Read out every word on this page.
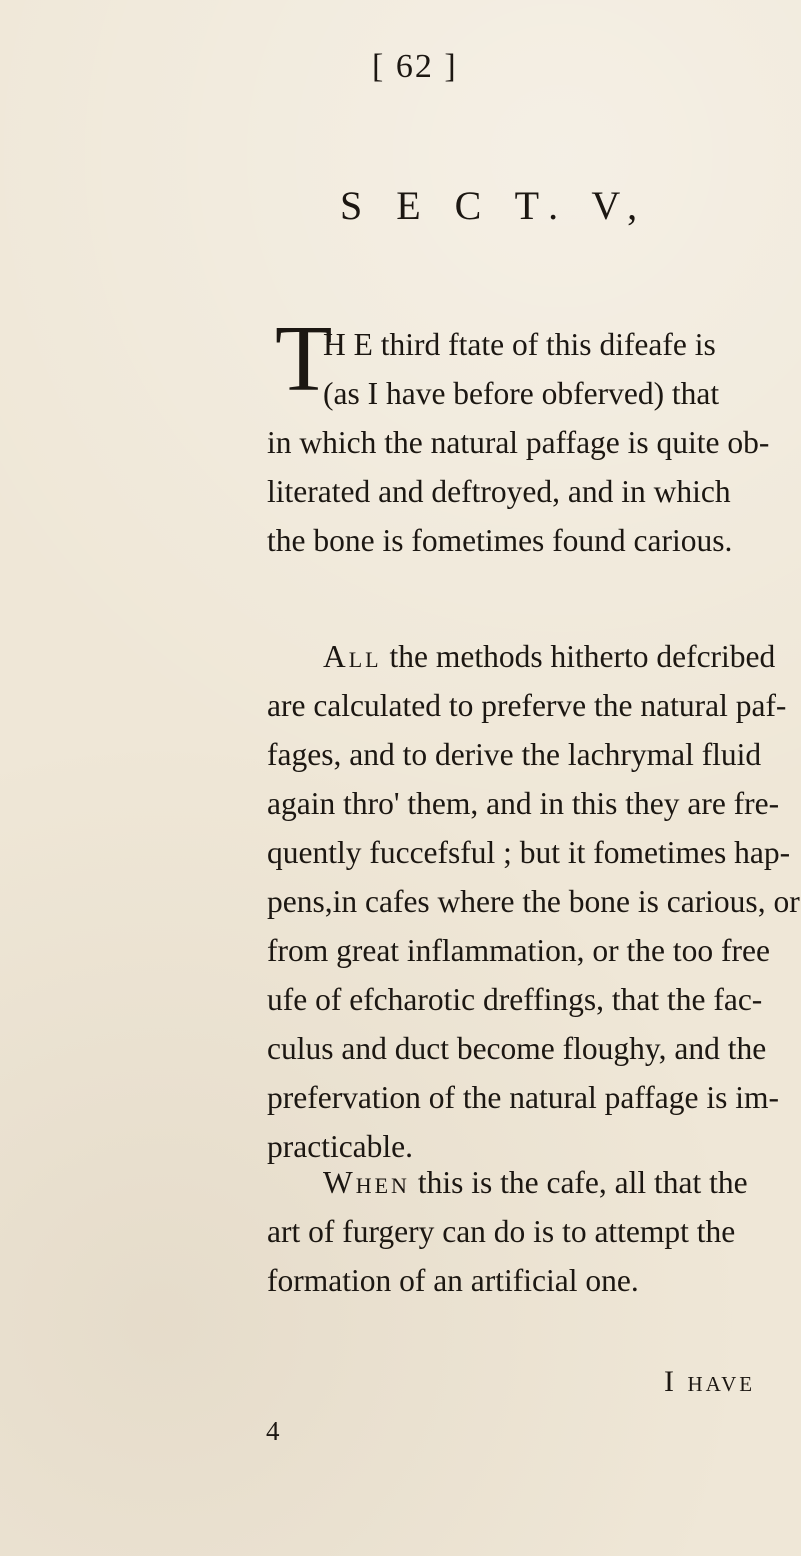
[ 62 ]
S E C T. V,
T
H E third ftate of this difeafe is
(as I have before obferved) that
in which the natural paffage is quite ob-
literated and deftroyed, and in which
the bone is fometimes found carious.
All the methods hitherto defcribed
are calculated to preferve the natural paf-
fages, and to derive the lachrymal fluid
again thro' them, and in this they are fre-
quently fuccefsful ; but it fometimes hap-
pens,in cafes where the bone is carious, or
from great inflammation, or the too free
ufe of efcharotic dreffings, that the fac-
culus and duct become floughy, and the
prefervation of the natural paffage is im-
practicable.
When this is the cafe, all that the
art of furgery can do is to attempt the
formation of an artificial one.
I have
4
